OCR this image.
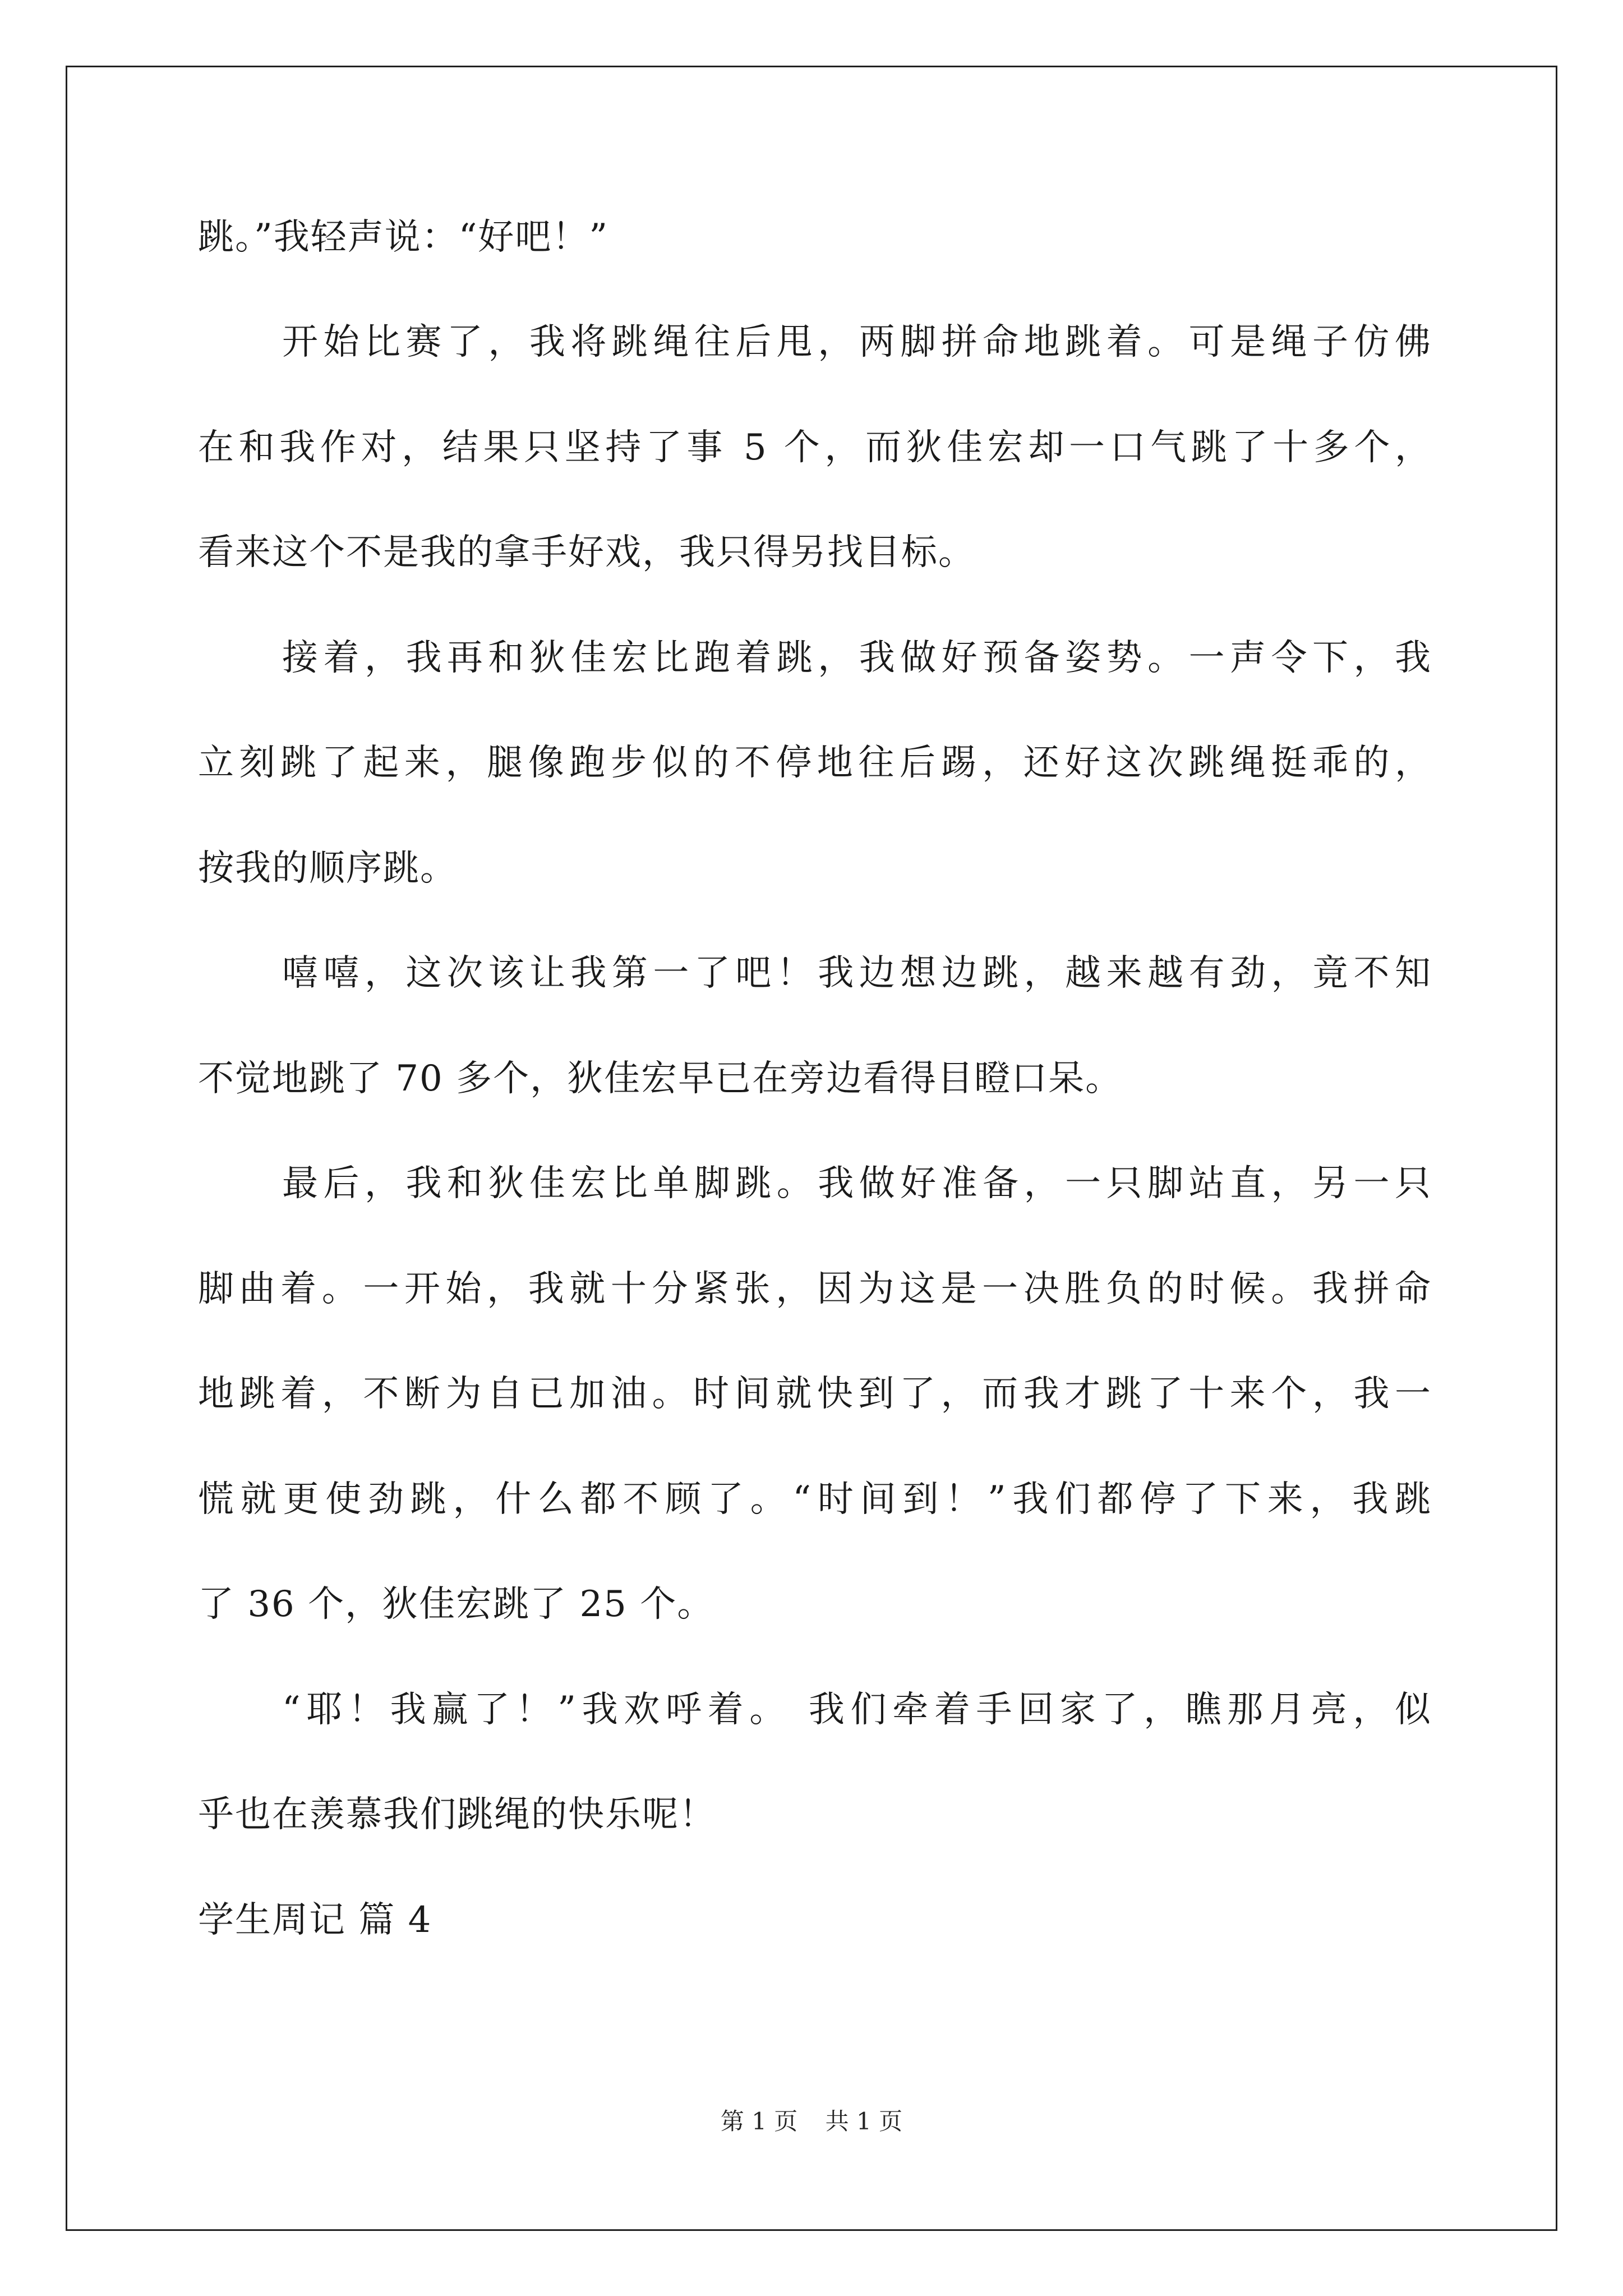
跳。”我轻声说：“好吧！”
开始比赛了，我将跳绳往后甩，两脚拼命地跳着。可是绳子仿佛
在和我作对，结果只坚持了事 5 个，而狄佳宏却一口气跳了十多个，
看来这个不是我的拿手好戏，我只得另找目标。
接着，我再和狄佳宏比跑着跳，我做好预备姿势。一声令下，我
立刻跳了起来，腿像跑步似的不停地往后踢，还好这次跳绳挺乖的，
按我的顺序跳。
嘻嘻，这次该让我第一了吧！我边想边跳，越来越有劲，竟不知
不觉地跳了 70 多个，狄佳宏早已在旁边看得目瞪口呆。
最后，我和狄佳宏比单脚跳。我做好准备，一只脚站直，另一只
脚曲着。一开始，我就十分紧张，因为这是一决胜负的时候。我拼命
地跳着，不断为自已加油。时间就快到了，而我才跳了十来个，我一
慌就更使劲跳，什么都不顾了。“时间到！”我们都停了下来，我跳
了 36 个，狄佳宏跳了 25 个。
“耶！我赢了！”我欢呼着。 我们牵着手回家了，瞧那月亮，似
乎也在羡慕我们跳绳的快乐呢！
学生周记 篇 4
第 1 页 共 1 页
